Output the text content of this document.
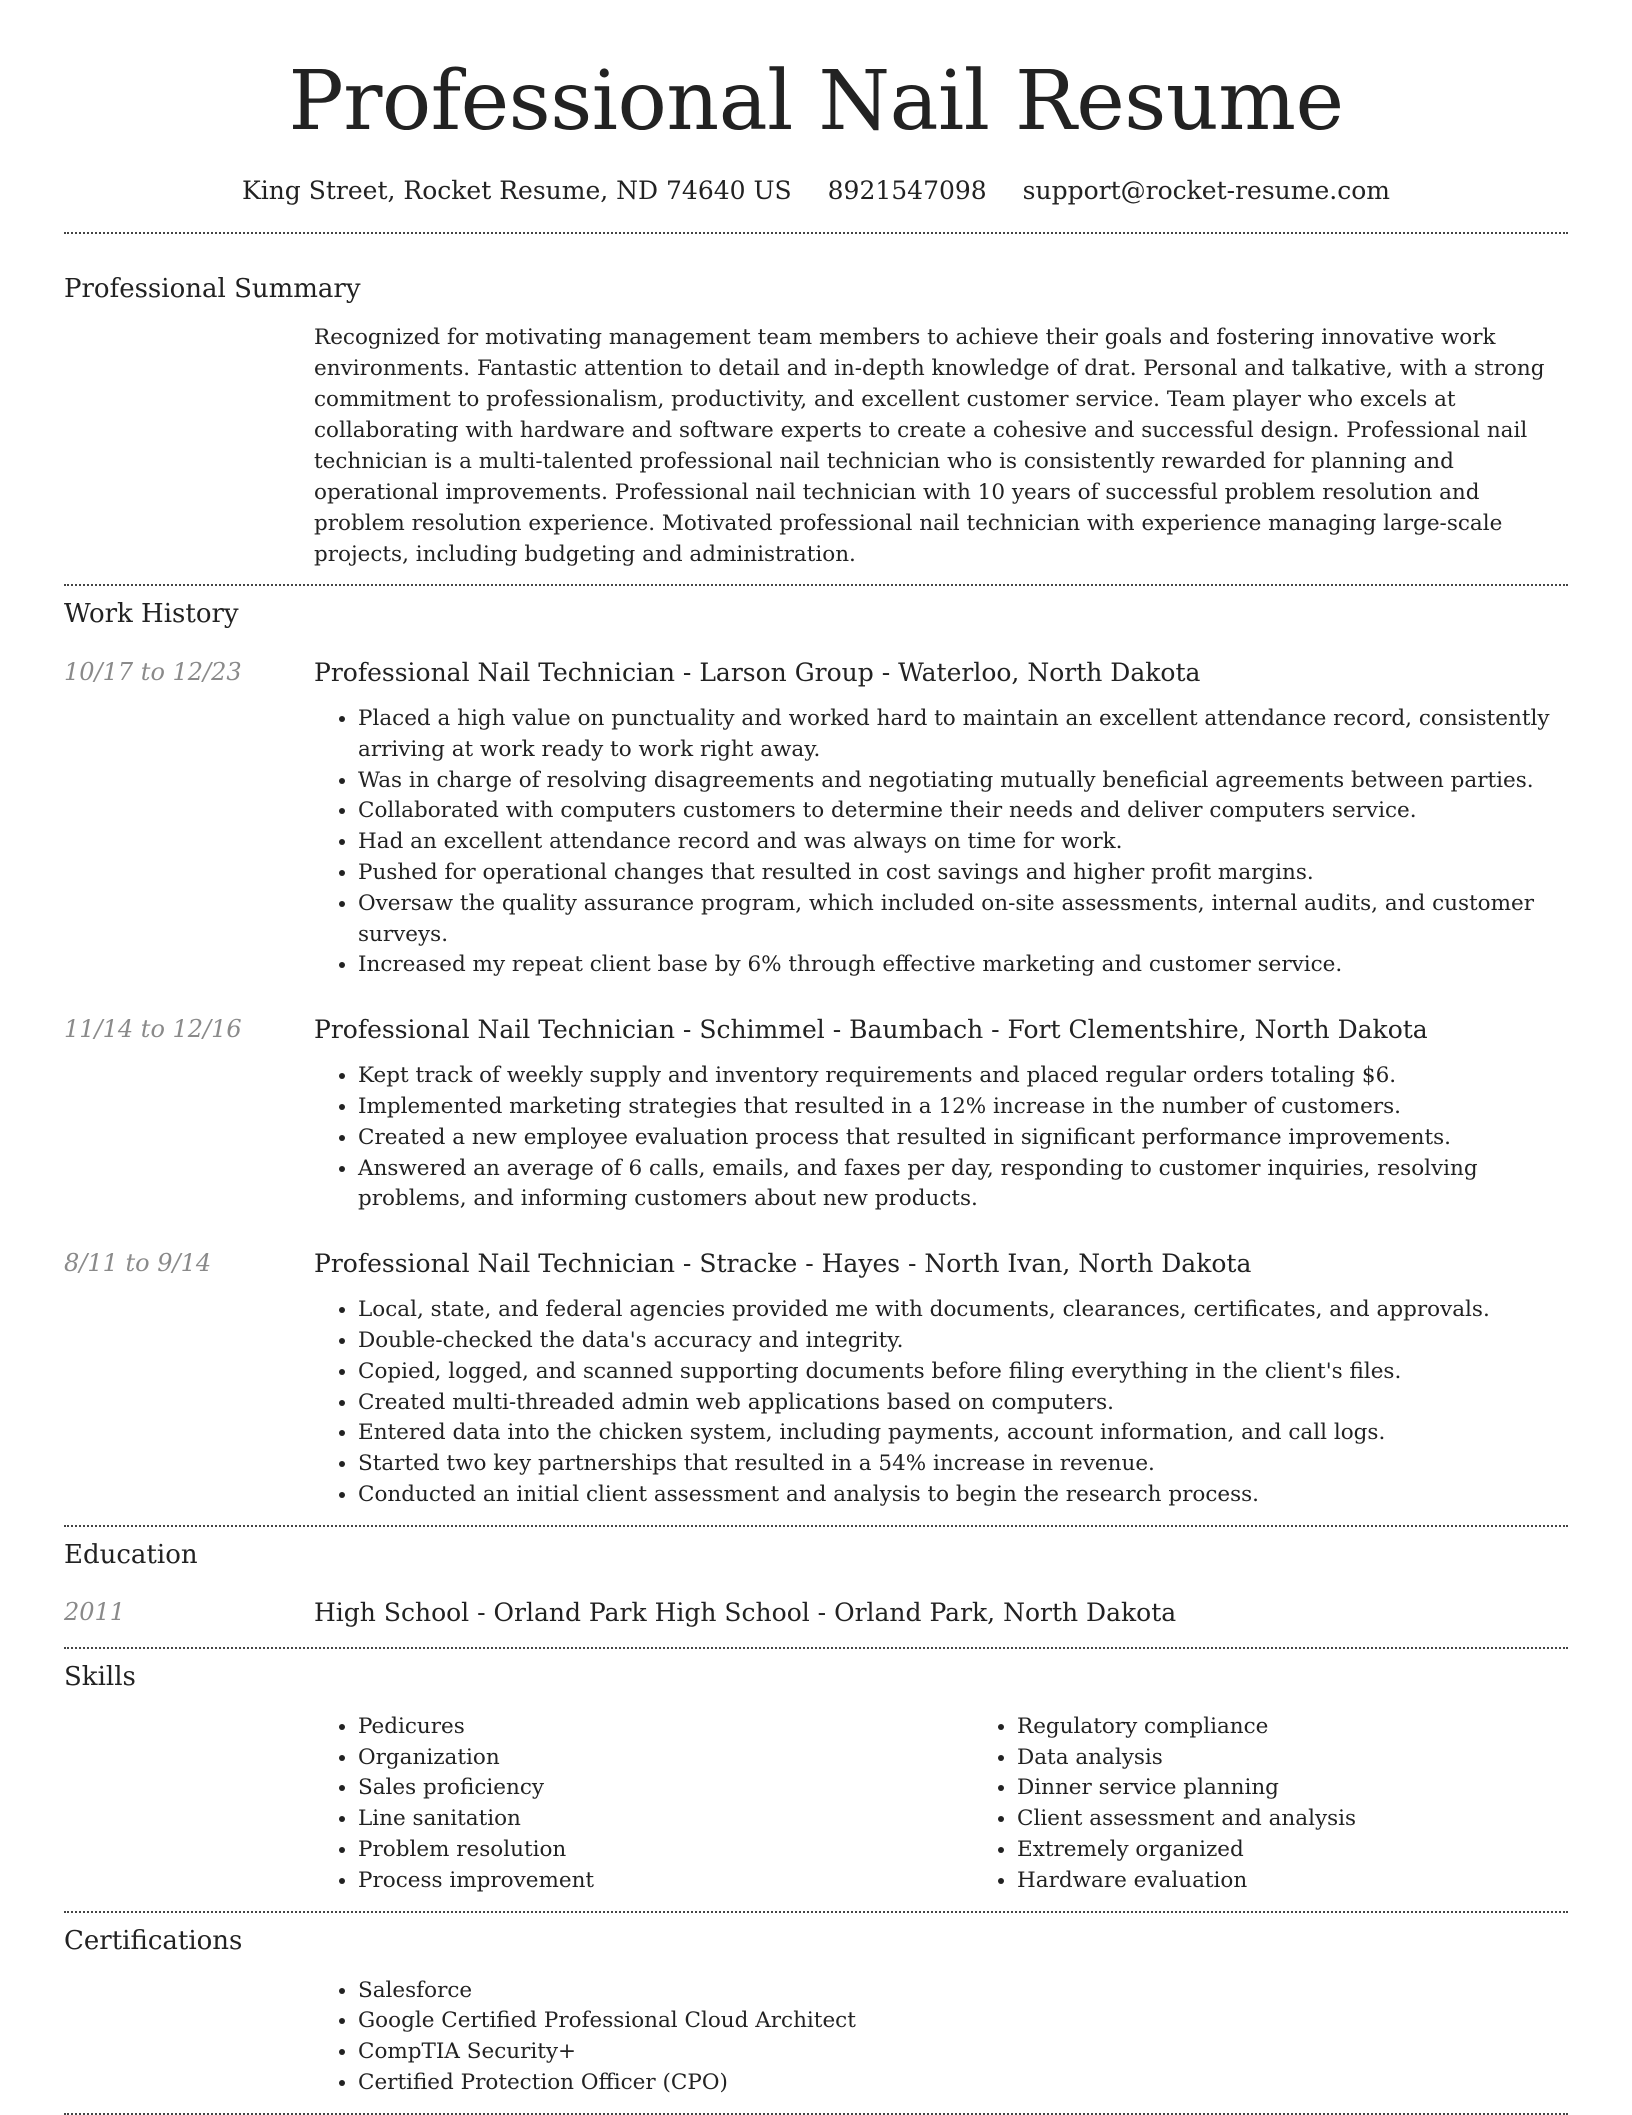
Professional Nail Resume
King Street, Rocket Resume, ND 74640 US 8921547098 support@rocket-resume.com
Professional Summary

Recognized for motivating management team members to achieve their goals and fostering innovative work environments. Fantastic attention to detail and in-depth knowledge of drat. Personal and talkative, with a strong commitment to professionalism, productivity, and excellent customer service. Team player who excels at collaborating with hardware and software experts to create a cohesive and successful design. Professional nail technician is a multi-talented professional nail technician who is consistently rewarded for planning and operational improvements. Professional nail technician with 10 years of successful problem resolution and problem resolution experience. Motivated professional nail technician with experience managing large-scale projects, including budgeting and administration.

Work History
10/17 to 12/23	Professional Nail Technician - Larson Group - Waterloo, North Dakota
• Placed a high value on punctuality and worked hard to maintain an excellent attendance record, consistently arriving at work ready to work right away.
• Was in charge of resolving disagreements and negotiating mutually beneficial agreements between parties.
• Collaborated with computers customers to determine their needs and deliver computers service.
• Had an excellent attendance record and was always on time for work.
• Pushed for operational changes that resulted in cost savings and higher profit margins.
• Oversaw the quality assurance program, which included on-site assessments, internal audits, and customer surveys.
• Increased my repeat client base by 6% through effective marketing and customer service.
11/14 to 12/16	Professional Nail Technician - Schimmel - Baumbach - Fort Clementshire, North Dakota
• Kept track of weekly supply and inventory requirements and placed regular orders totaling $6.
• Implemented marketing strategies that resulted in a 12% increase in the number of customers.
• Created a new employee evaluation process that resulted in significant performance improvements.
• Answered an average of 6 calls, emails, and faxes per day, responding to customer inquiries, resolving problems, and informing customers about new products.
8/11 to 9/14	Professional Nail Technician - Stracke - Hayes - North Ivan, North Dakota
• Local, state, and federal agencies provided me with documents, clearances, certificates, and approvals.
• Double-checked the data's accuracy and integrity.
• Copied, logged, and scanned supporting documents before filing everything in the client's files.
• Created multi-threaded admin web applications based on computers.
• Entered data into the chicken system, including payments, account information, and call logs.
• Started two key partnerships that resulted in a 54% increase in revenue.
• Conducted an initial client assessment and analysis to begin the research process.
Education
2011	High School - Orland Park High School - Orland Park, North Dakota
Skills
• Pedicures
• Organization
• Sales proficiency
• Line sanitation
• Problem resolution
• Process improvement
• Regulatory compliance
• Data analysis
• Dinner service planning
• Client assessment and analysis
• Extremely organized
• Hardware evaluation
Certifications
• Salesforce
• Google Certified Professional Cloud Architect
• CompTIA Security+
• Certified Protection Officer (CPO)
